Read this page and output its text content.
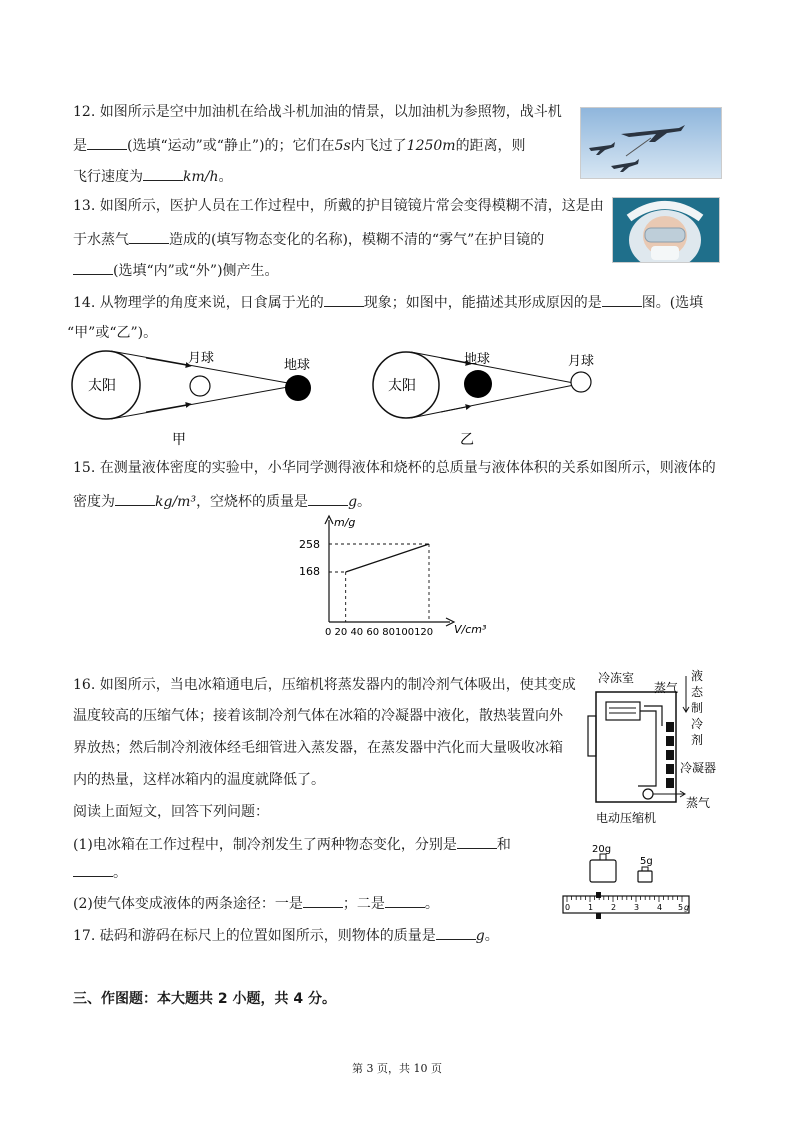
12. 如图所示是空中加油机在给战斗机加油的情景，以加油机为参照物，战斗机
是	(选填“运动”或“静止”)的；它们在5s内飞过了1250m的距离，则
飞行速度为	km/h。
13. 如图所示，医护人员在工作过程中，所戴的护目镜镜片常会变得模糊不清，这是由
于水蒸气	造成的(填写物态变化的名称)，模糊不清的“雾气”在护目镜的
(选填“内”或“外”)侧产生。
14. 从物理学的角度来说，日食属于光的	现象；如图中，能描述其形成原因的是	图。(选填
“甲”或“乙”)。
太阳
月球	地球
甲
太阳
地球	月球
乙
15. 在测量液体密度的实验中，小华同学测得液体和烧杯的总质量与液体体积的关系如图所示，则液体的
密度为	kg/m³，空烧杯的质量是	g。
m/g
V/cm³
258
168
0 20 40 60 80100120
16. 如图所示，当电冰箱通电后，压缩机将蒸发器内的制冷剂气体吸出，使其变成
温度较高的压缩气体；接着该制冷剂气体在冰箱的冷凝器中液化，散热装置向外
界放热；然后制冷剂液体经毛细管进入蒸发器，在蒸发器中汽化而大量吸收冰箱
内的热量，这样冰箱内的温度就降低了。
阅读上面短文，回答下列问题：
(1)电冰箱在工作过程中，制冷剂发生了两种物态变化，分别是	和
。
(2)使气体变成液体的两条途径：一是	；二是	。
冷冻室
蒸气
液
态
制
冷
剂
冷凝器
蒸气
电动压缩机
17. 砝码和游码在标尺上的位置如图所示，则物体的质量是	g。
20g
5g
0 1 2 3 4 5 g
三、作图题：本大题共 2 小题，共 4 分。
第 3 页，共 10 页
